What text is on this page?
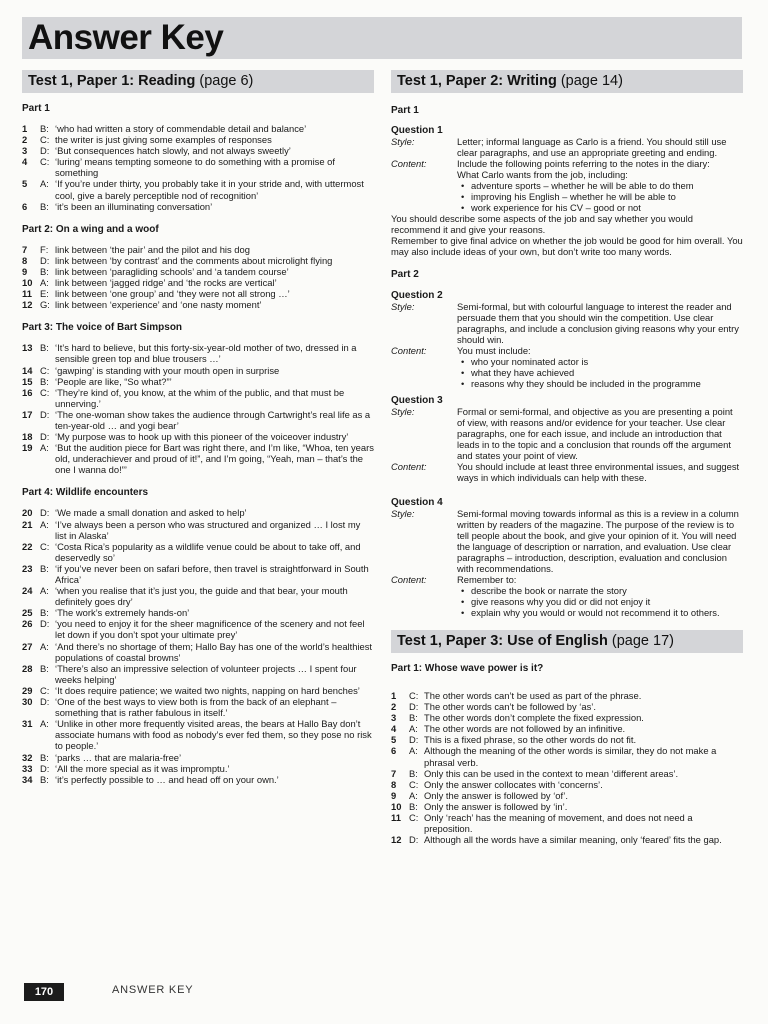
Answer Key
Test 1, Paper 1: Reading (page 6)
Part 1
1	B: ‘who had written a story of commendable detail and balance’
2	C: the writer is just giving some examples of responses
3	D: ‘But consequences hatch slowly, and not always sweetly’
4	C: ‘luring’ means tempting someone to do something with a promise of something
5	A: ‘If you’re under thirty, you probably take it in your stride and, with uttermost cool, give a barely perceptible nod of recognition’
6	B: ‘it’s been an illuminating conversation’
Part 2: On a wing and a woof
7	F: link between ‘the pair’ and the pilot and his dog
8	D: link between ‘by contrast’ and the comments about microlight flying
9	B: link between ‘paragliding schools’ and ‘a tandem course’
10 A: link between ‘jagged ridge’ and ‘the rocks are vertical’
11 E: link between ‘one group’ and ‘they were not all strong …’
12 G: link between ‘experience’ and ‘one nasty moment’
Part 3: The voice of Bart Simpson
13 B: ‘It’s hard to believe, but this forty-six-year-old mother of two, dressed in a sensible green top and blue trousers …’
14 C: ‘gawping’ is standing with your mouth open in surprise
15 B: ‘People are like, “So what?”’
16 C: ‘They’re kind of, you know, at the whim of the public, and that must be unnerving.’
17 D: ‘The one-woman show takes the audience through Cartwright’s real life as a ten-year-old … and yogi bear’
18 D: ‘My purpose was to hook up with this pioneer of the voiceover industry’
19 A: ‘But the audition piece for Bart was right there, and I’m like, “Whoa, ten years old, underachiever and proud of it!”, and I’m going, “Yeah, man – that’s the one I wanna do!”’
Part 4: Wildlife encounters
20 D: ‘We made a small donation and asked to help’
21 A: ‘I’ve always been a person who was structured and organized … I lost my list in Alaska’
22 C: ‘Costa Rica’s popularity as a wildlife venue could be about to take off, and deservedly so’
23 B: ‘if you’ve never been on safari before, then travel is straightforward in South Africa’
24 A: ‘when you realise that it’s just you, the guide and that bear, your mouth definitely goes dry’
25 B: ‘The work’s extremely hands-on’
26 D: ‘you need to enjoy it for the sheer magnificence of the scenery and not feel let down if you don’t spot your ultimate prey’
27 A: ‘And there’s no shortage of them; Hallo Bay has one of the world’s healthiest populations of coastal browns’
28 B: ‘There’s also an impressive selection of volunteer projects … I spent four weeks helping’
29 C: ‘It does require patience; we waited two nights, napping on hard benches’
30 D: ‘One of the best ways to view both is from the back of an elephant – something that is rather fabulous in itself.’
31 A: ‘Unlike in other more frequently visited areas, the bears at Hallo Bay don’t associate humans with food as nobody’s ever fed them, so they pose no risk to people.’
32 B: ‘parks … that are malaria-free’
33 D: ‘All the more special as it was impromptu.’
34 B: ‘it’s perfectly possible to … and head off on your own.’
Test 1, Paper 2: Writing (page 14)
Part 1
Question 1
Style:	Letter; informal language as Carlo is a friend. You should still use clear paragraphs, and use an appropriate greeting and ending.
Content:	Include the following points referring to the notes in the diary:
What Carlo wants from the job, including:
• adventure sports – whether he will be able to do them
• improving his English – whether he will be able to
• work experience for his CV – good or not
You should describe some aspects of the job and say whether you would recommend it and give your reasons.
Remember to give final advice on whether the job would be good for him overall. You may also include ideas of your own, but don’t write too many words.
Part 2
Question 2
Style:	Semi-formal, but with colourful language to interest the reader and persuade them that you should win the competition. Use clear paragraphs, and include a conclusion giving reasons why your entry should win.
Content:	You must include:
• who your nominated actor is
• what they have achieved
• reasons why they should be included in the programme
Question 3
Style:	Formal or semi-formal, and objective as you are presenting a point of view, with reasons and/or evidence for your teacher. Use clear paragraphs, one for each issue, and include an introduction that leads in to the topic and a conclusion that rounds off the argument and states your point of view.
Content:	You should include at least three environmental issues, and suggest ways in which individuals can help with these.
Question 4
Style:	Semi-formal moving towards informal as this is a review in a column written by readers of the magazine. The purpose of the review is to tell people about the book, and give your opinion of it. You will need the language of description or narration, and evaluation. Use clear paragraphs – introduction, description, evaluation and conclusion with recommendations.
Content:	Remember to:
• describe the book or narrate the story
• give reasons why you did or did not enjoy it
• explain why you would or would not recommend it to others.
Test 1, Paper 3: Use of English (page 17)
Part 1: Whose wave power is it?
1	C: The other words can’t be used as part of the phrase.
2	D: The other words can’t be followed by ‘as’.
3	B: The other words don’t complete the fixed expression.
4	A: The other words are not followed by an infinitive.
5	D: This is a fixed phrase, so the other words do not fit.
6	A: Although the meaning of the other words is similar, they do not make a phrasal verb.
7	B: Only this can be used in the context to mean ‘different areas’.
8	C: Only the answer collocates with ‘concerns’.
9	A: Only the answer is followed by ‘of’.
10 B: Only the answer is followed by ‘in’.
11 C: Only ‘reach’ has the meaning of movement, and does not need a preposition.
12 D: Although all the words have a similar meaning, only ‘feared’ fits the gap.
170	ANSWER KEY
